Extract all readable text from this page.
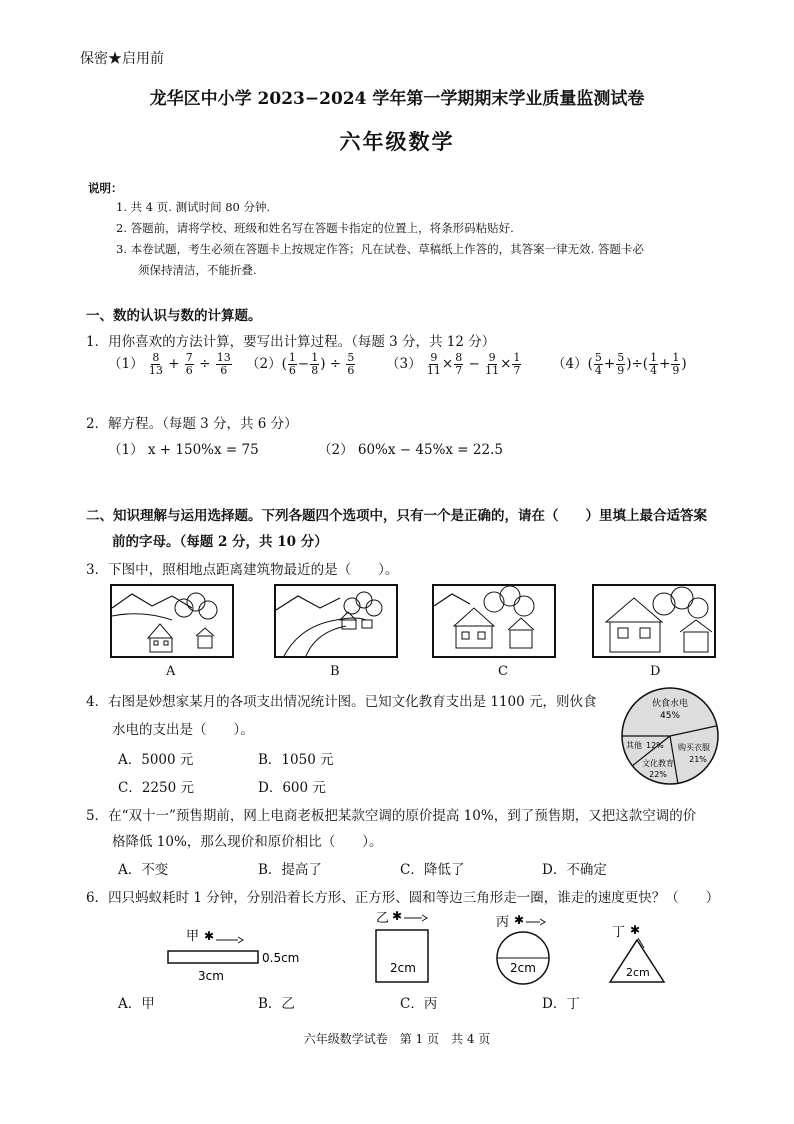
保密★启用前
龙华区中小学 2023−2024 学年第一学期期末学业质量监测试卷
六年级数学
说明：
1. 共 4 页. 测试时间 80 分钟.
2. 答题前，请将学校、班级和姓名写在答题卡指定的位置上，将条形码粘贴好.
3. 本卷试题，考生必须在答题卡上按规定作答；凡在试卷、草稿纸上作答的，其答案一律无效. 答题卡必
须保持清洁，不能折叠.
一、数的认识与数的计算题。
1．用你喜欢的方法计算，要写出计算过程。（每题 3 分，共 12 分）
$(1) \frac{8}{13} + \frac{7}{6} \div \frac{13}{6} (2)( \frac{1}{6} - \frac{1}{8}$ ) ÷ $\frac{5}{6} (3) \frac{9}{11} \times \frac{8}{7} - \frac{9}{11} \times \frac{1}{7} (4)( \frac{5}{4} + \frac{5}{9}$ )÷( $\frac{1}{4} + \frac{1}{9}$ )
2．解方程。（每题 3 分，共 6 分）
（1） x + 150%x = 75	（2） 60%x − 45%x = 22.5
二、知识理解与运用选择题。下列各题四个选项中，只有一个是正确的，请在（　　）里填上最合适答案
前的字母。（每题 2 分，共 10 分）
3．下图中，照相地点距离建筑物最近的是（　　）。
A	B	C	D
4．右图是妙想家某月的各项支出情况统计图。已知文化教育支出是 1100 元，则伙食
水电的支出是（　　）。
A．5000 元	B．1050 元
C．2250 元	D．600 元
伙食水电
45%
其他 12% 购买衣服
21%
文化教育
22%
5．在“双十一”预售期前，网上电商老板把某款空调的原价提高 10%，到了预售期，又把这款空调的价
格降低 10%，那么现价和原价相比（　　）。
A．不变	B．提高了	C．降低了	D．不确定
6．四只蚂蚁耗时 1 分钟，分别沿着长方形、正方形、圆和等边三角形走一圈，谁走的速度更快？（　　）
甲 ✱
0.5cm
3cm
乙 ✱
2cm
丙 ✱
2cm
丁 ✱
2cm
A．甲	B．乙	C．丙	D．丁
六年级数学试卷　第 1 页　共 4 页
